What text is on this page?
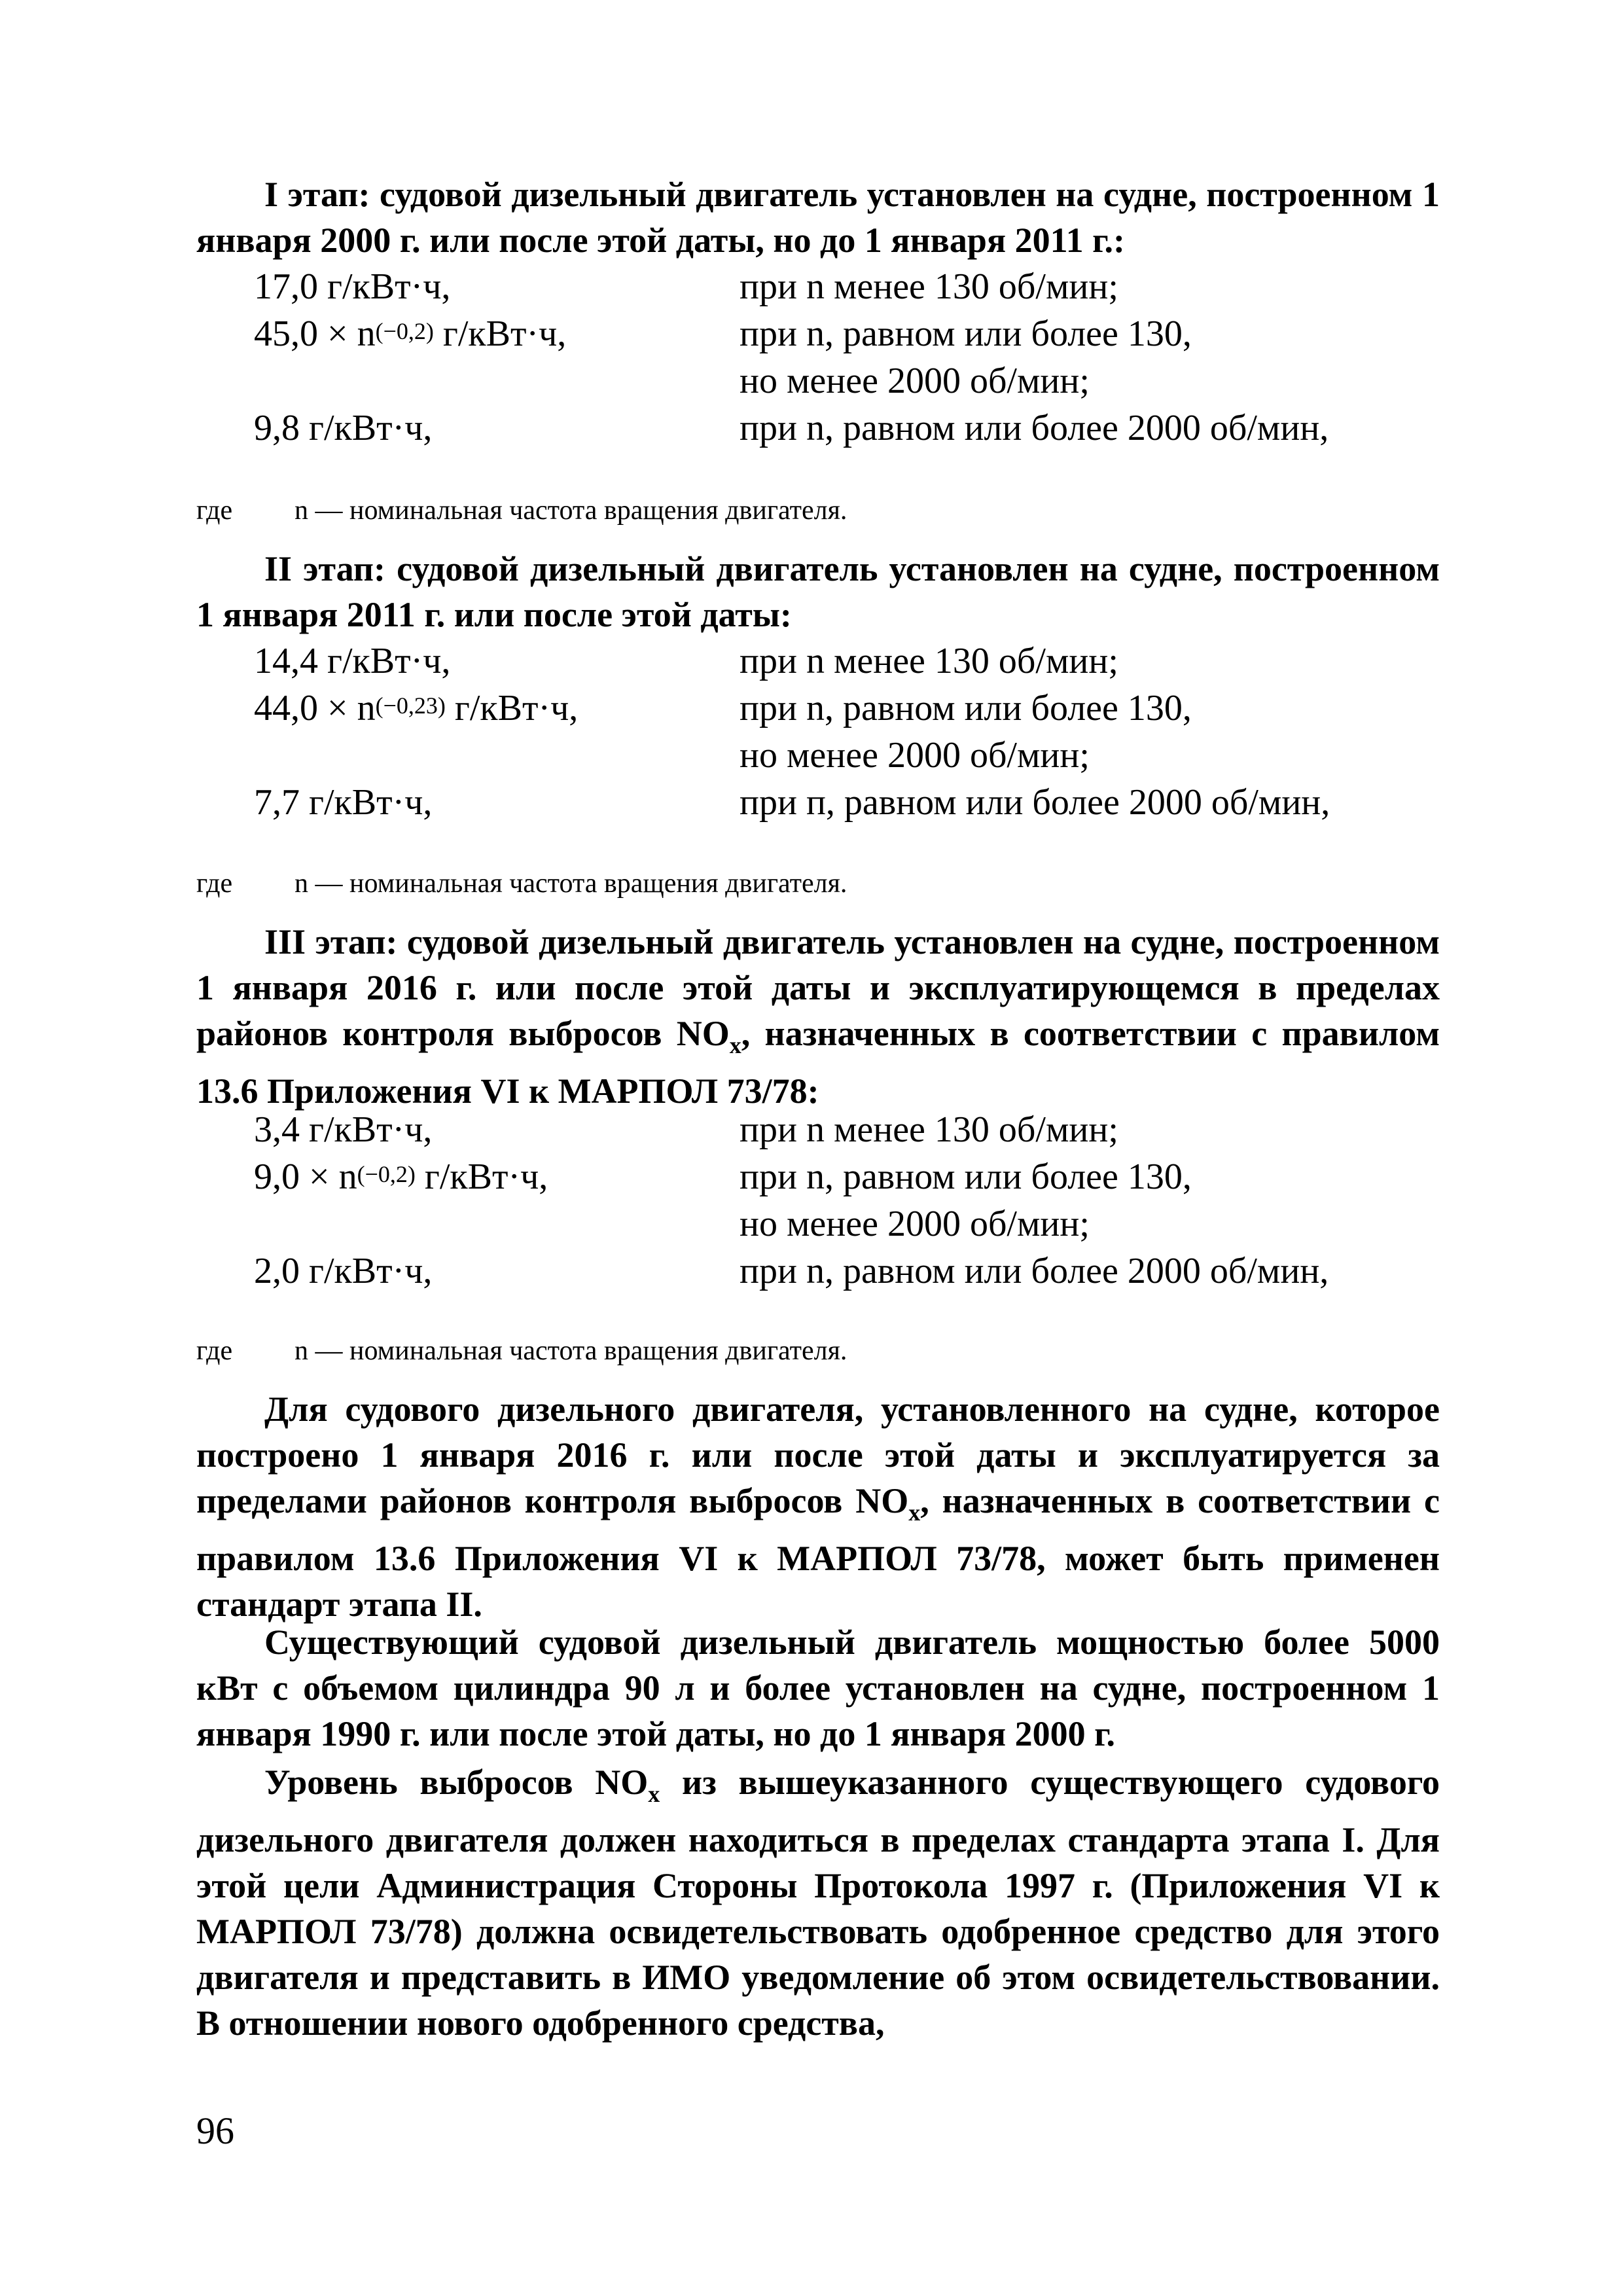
I этап: судовой дизельный двигатель установлен на судне, построенном 1 января 2000 г. или после этой даты, но до 1 января 2011 г.:

17,0 г/кВт·ч,	при n менее 130 об/мин;
$45,0 \times n^{(-0,2)}$ г/кВт·ч,	при n, равном или более 130,
но менее 2000 об/мин;
9,8 г/кВт·ч,	при n, равном или более 2000 об/мин,
где	n — номинальная частота вращения двигателя.

II этап: судовой дизельный двигатель установлен на судне, построенном 1 января 2011 г. или после этой даты:

14,4 г/кВт·ч,	при n менее 130 об/мин;
$44,0 \times n^{(-0,23)}$ г/кВт·ч,	при n, равном или более 130,
но менее 2000 об/мин;
7,7 г/кВт·ч,	при п, равном или более 2000 об/мин,
где	n — номинальная частота вращения двигателя.

III этап: судовой дизельный двигатель установлен на судне, построенном 1 января 2016 г. или после этой даты и эксплуатирующемся в пределах районов контроля выбросов $NO_x$, назначенных в соответствии с правилом 13.6 Приложения VI к МАРПОЛ 73/78:

3,4 г/кВт·ч,	при n менее 130 об/мин;
$9,0 \times n^{(-0,2)}$ г/кВт·ч,	при n, равном или более 130,
но менее 2000 об/мин;
2,0 г/кВт·ч,	при n, равном или более 2000 об/мин,
где	n — номинальная частота вращения двигателя.

Для судового дизельного двигателя, установленного на судне, которое построено 1 января 2016 г. или после этой даты и эксплуатируется за пределами районов контроля выбросов $NO_x$, назначенных в соответствии с правилом 13.6 Приложения VI к МАРПОЛ 73/78, может быть применен стандарт этапа II.

Существующий судовой дизельный двигатель мощностью более 5000 кВт с объемом цилиндра 90 л и более установлен на судне, построенном 1 января 1990 г. или после этой даты, но до 1 января 2000 г.

Уровень выбросов $NO_x$ из вышеуказанного существующего судового дизельного двигателя должен находиться в пределах стандарта этапа I. Для этой цели Администрация Стороны Протокола 1997 г. (Приложения VI к МАРПОЛ 73/78) должна освидетельствовать одобренное средство для этого двигателя и представить в ИМО уведомление об этом освидетельствовании. В отношении нового одобренного средства,

96
